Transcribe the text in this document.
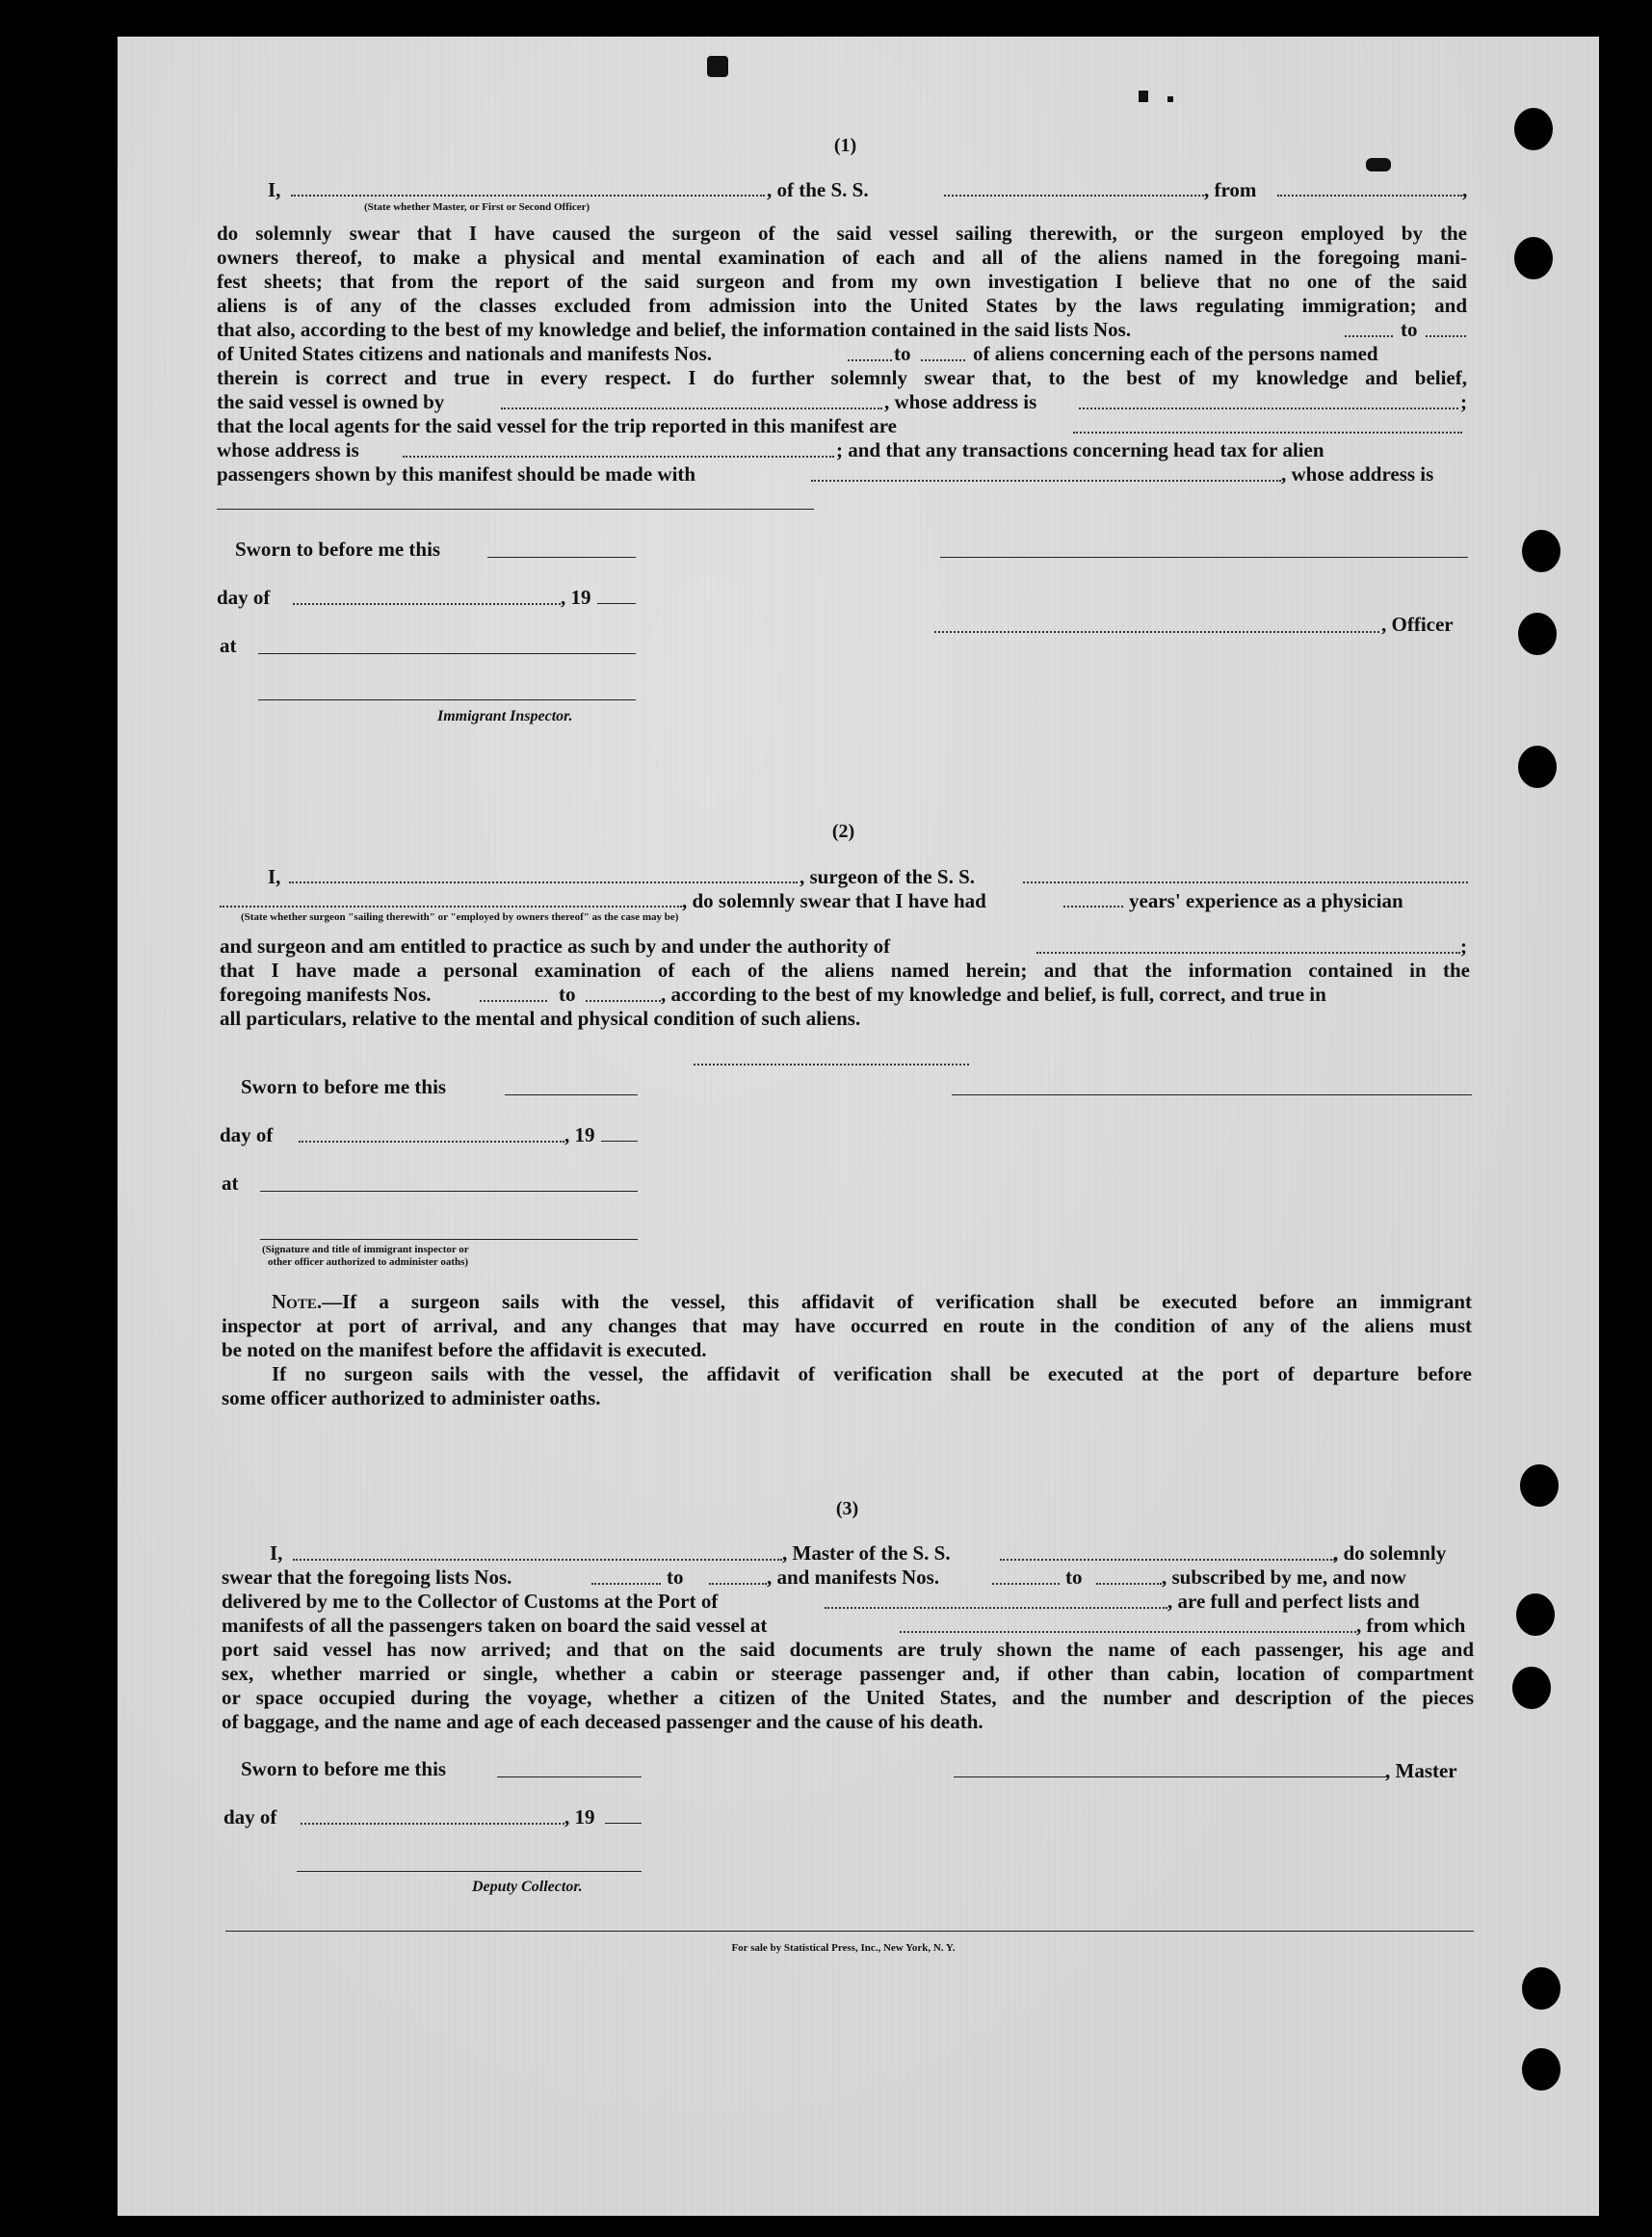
(1)
I,	, of the S. S.	, from	,
(State whether Master, or First or Second Officer)
do solemnly swear that I have caused the surgeon of the said vessel sailing therewith, or the surgeon employed by the
owners thereof, to make a physical and mental examination of each and all of the aliens named in the foregoing mani-
fest sheets; that from the report of the said surgeon and from my own investigation I believe that no one of the said
aliens is of any of the classes excluded from admission into the United States by the laws regulating immigration; and
that also, according to the best of my knowledge and belief, the information contained in the said lists Nos.	to
of United States citizens and nationals and manifests Nos.	to	of aliens concerning each of the persons named
therein is correct and true in every respect. I do further solemnly swear that, to the best of my knowledge and belief,
the said vessel is owned by	, whose address is	;
that the local agents for the said vessel for the trip reported in this manifest are
whose address is	; and that any transactions concerning head tax for alien
passengers shown by this manifest should be made with	, whose address is
Sworn to before me this
day of	, 19
, Officer
at
Immigrant Inspector.
(2)
I,	, surgeon of the S. S.
, do solemnly swear that I have had	years' experience as a physician
(State whether surgeon "sailing therewith" or "employed by owners thereof" as the case may be)
and surgeon and am entitled to practice as such by and under the authority of	;
that I have made a personal examination of each of the aliens named herein; and that the information contained in the
foregoing manifests Nos.	to	, according to the best of my knowledge and belief, is full, correct, and true in
all particulars, relative to the mental and physical condition of such aliens.
Sworn to before me this
day of	, 19
at
(Signature and title of immigrant inspector or
other officer authorized to administer oaths)
Note.—If a surgeon sails with the vessel, this affidavit of verification shall be executed before an immigrant
inspector at port of arrival, and any changes that may have occurred en route in the condition of any of the aliens must
be noted on the manifest before the affidavit is executed.
If no surgeon sails with the vessel, the affidavit of verification shall be executed at the port of departure before
some officer authorized to administer oaths.
(3)
I,	, Master of the S. S.	, do solemnly
swear that the foregoing lists Nos.	to	, and manifests Nos.	to	, subscribed by me, and now
delivered by me to the Collector of Customs at the Port of	, are full and perfect lists and
manifests of all the passengers taken on board the said vessel at	, from which
port said vessel has now arrived; and that on the said documents are truly shown the name of each passenger, his age and
sex, whether married or single, whether a cabin or steerage passenger and, if other than cabin, location of compartment
or space occupied during the voyage, whether a citizen of the United States, and the number and description of the pieces
of baggage, and the name and age of each deceased passenger and the cause of his death.
Sworn to before me this	, Master
day of	, 19
Deputy Collector.
For sale by Statistical Press, Inc., New York, N. Y.
